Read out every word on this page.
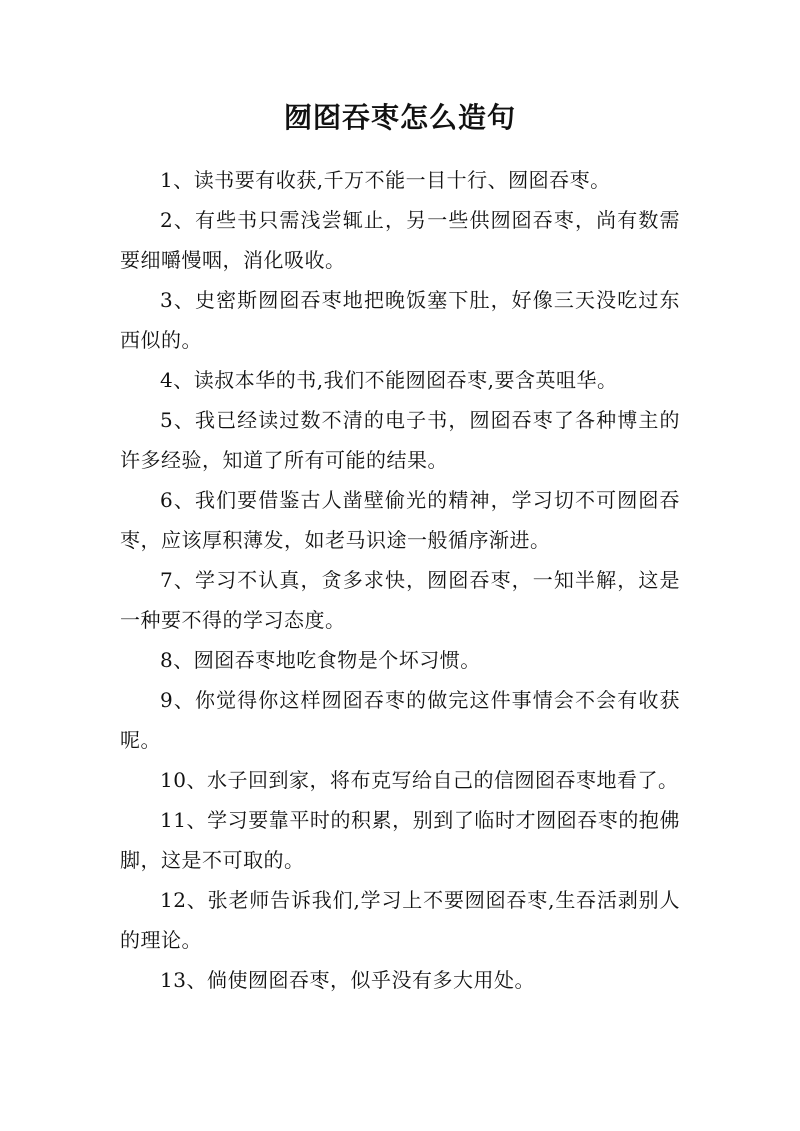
囫囵吞枣怎么造句

1、读书要有收获,千万不能一目十行、囫囵吞枣。

2、有些书只需浅尝辄止，另一些供囫囵吞枣，尚有数需要细嚼慢咽，消化吸收。

3、史密斯囫囵吞枣地把晚饭塞下肚，好像三天没吃过东西似的。

4、读叔本华的书,我们不能囫囵吞枣,要含英咀华。

5、我已经读过数不清的电子书，囫囵吞枣了各种博主的许多经验，知道了所有可能的结果。

6、我们要借鉴古人凿壁偷光的精神，学习切不可囫囵吞枣，应该厚积薄发，如老马识途一般循序渐进。

7、学习不认真，贪多求快，囫囵吞枣，一知半解，这是一种要不得的学习态度。

8、囫囵吞枣地吃食物是个坏习惯。

9、你觉得你这样囫囵吞枣的做完这件事情会不会有收获呢。

10、水子回到家，将布克写给自己的信囫囵吞枣地看了。

11、学习要靠平时的积累，别到了临时才囫囵吞枣的抱佛脚，这是不可取的。

12、张老师告诉我们,学习上不要囫囵吞枣,生吞活剥别人的理论。

13、倘使囫囵吞枣，似乎没有多大用处。
